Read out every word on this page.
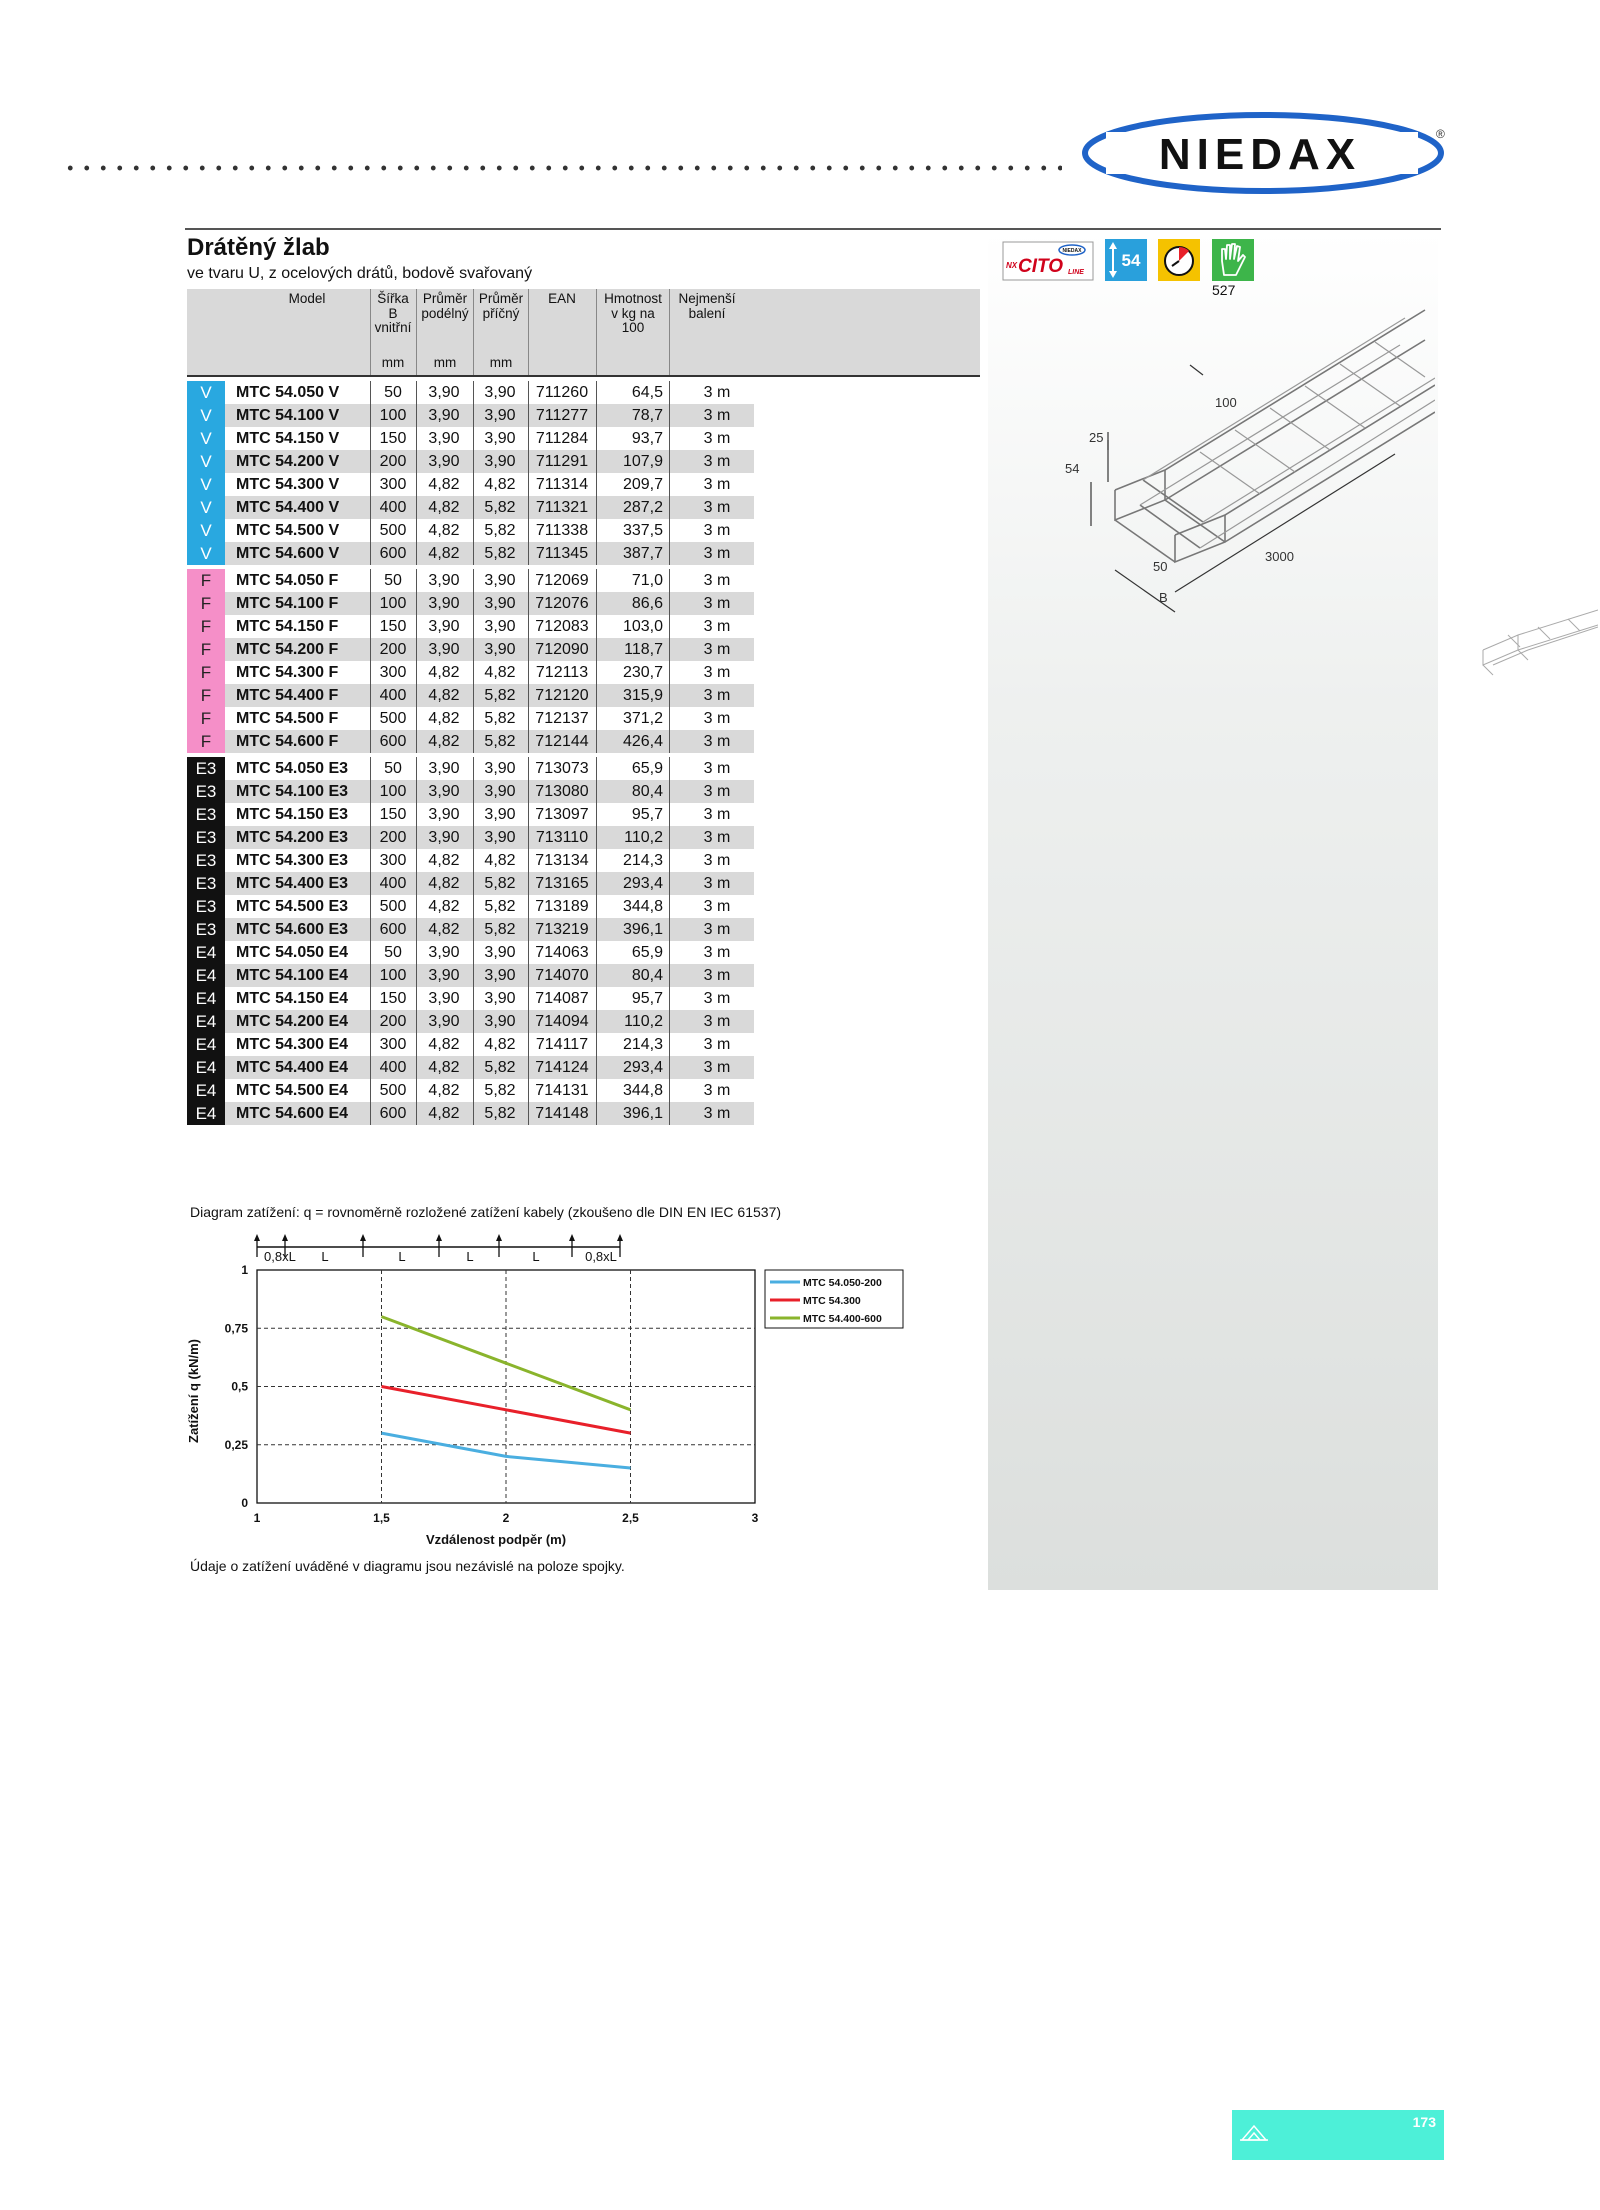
NIEDAX	®
Drátěný žlab

ve tvaru U, z ocelových drátů, bodově svařovaný

Model	Šířka
B
vnitřní
Průměr
podélný
Průměr
příčný
EAN	Hmotnost
v kg na
100
Nejmenší
balení
mm	mm	mm
V	MTC 54.050 V	50	3,90	3,90	711260	64,5	3 m
V	MTC 54.100 V	100	3,90	3,90	711277	78,7	3 m
V	MTC 54.150 V	150	3,90	3,90	711284	93,7	3 m
V	MTC 54.200 V	200	3,90	3,90	711291	107,9	3 m
V	MTC 54.300 V	300	4,82	4,82	711314	209,7	3 m
V	MTC 54.400 V	400	4,82	5,82	711321	287,2	3 m
V	MTC 54.500 V	500	4,82	5,82	711338	337,5	3 m
V	MTC 54.600 V	600	4,82	5,82	711345	387,7	3 m
F	MTC 54.050 F	50	3,90	3,90	712069	71,0	3 m
F	MTC 54.100 F	100	3,90	3,90	712076	86,6	3 m
F	MTC 54.150 F	150	3,90	3,90	712083	103,0	3 m
F	MTC 54.200 F	200	3,90	3,90	712090	118,7	3 m
F	MTC 54.300 F	300	4,82	4,82	712113	230,7	3 m
F	MTC 54.400 F	400	4,82	5,82	712120	315,9	3 m
F	MTC 54.500 F	500	4,82	5,82	712137	371,2	3 m
F	MTC 54.600 F	600	4,82	5,82	712144	426,4	3 m
E3	MTC 54.050 E3	50	3,90	3,90	713073	65,9	3 m
E3	MTC 54.100 E3	100	3,90	3,90	713080	80,4	3 m
E3	MTC 54.150 E3	150	3,90	3,90	713097	95,7	3 m
E3	MTC 54.200 E3	200	3,90	3,90	713110	110,2	3 m
E3	MTC 54.300 E3	300	4,82	4,82	713134	214,3	3 m
E3	MTC 54.400 E3	400	4,82	5,82	713165	293,4	3 m
E3	MTC 54.500 E3	500	4,82	5,82	713189	344,8	3 m
E3	MTC 54.600 E3	600	4,82	5,82	713219	396,1	3 m
E4	MTC 54.050 E4	50	3,90	3,90	714063	65,9	3 m
E4	MTC 54.100 E4	100	3,90	3,90	714070	80,4	3 m
E4	MTC 54.150 E4	150	3,90	3,90	714087	95,7	3 m
E4	MTC 54.200 E4	200	3,90	3,90	714094	110,2	3 m
E4	MTC 54.300 E4	300	4,82	4,82	714117	214,3	3 m
E4	MTC 54.400 E4	400	4,82	5,82	714124	293,4	3 m
E4	MTC 54.500 E4	500	4,82	5,82	714131	344,8	3 m
E4	MTC 54.600 E4	600	4,82	5,82	714148	396,1	3 m
NIEDAX
NX CITO LINE
54
527
100
25
54
50
3000
B

Diagram zatížení: q = rovnoměrně rozložené zatížení kabely (zkoušeno dle DIN EN IEC 61537)

0,8xL L	L	L	L	0,8xL
0
0,25
0,5
0,75
1
1	1,5	2	2,5	3
Vzdálenost podpěr (m)
Zatížení q (kN/m)
MTC 54.050-200
MTC 54.300
MTC 54.400-600

Údaje o zatížení uváděné v diagramu jsou nezávislé na poloze spojky.

173
